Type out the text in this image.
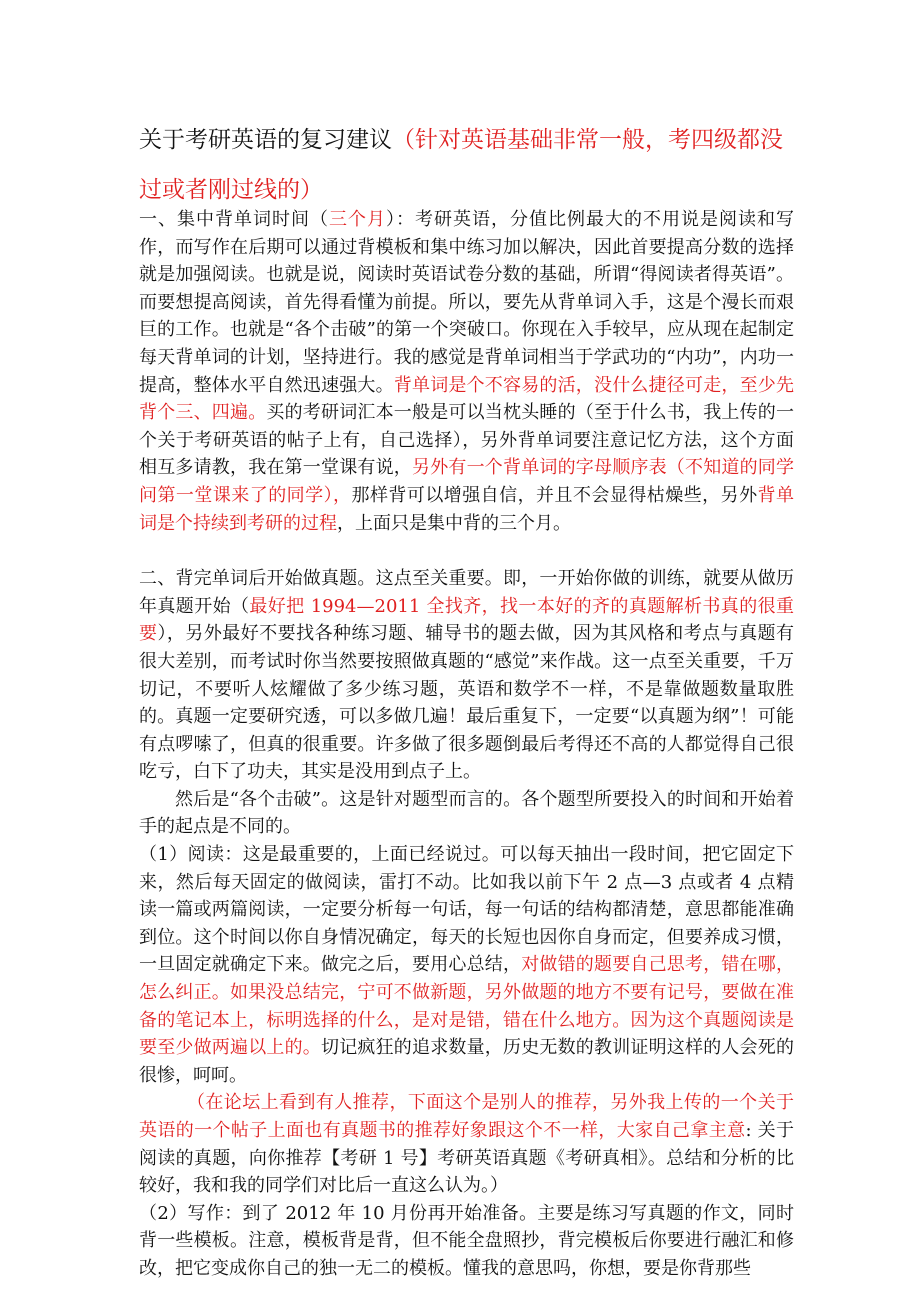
关于考研英语的复习建议（针对英语基础非常一般，考四级都没过或者刚过线的）

一、集中背单词时间（三个月）：考研英语，分值比例最大的不用说是阅读和写作，而写作在后期可以通过背模板和集中练习加以解决，因此首要提高分数的选择就是加强阅读。也就是说，阅读时英语试卷分数的基础，所谓“得阅读者得英语”。而要想提高阅读，首先得看懂为前提。所以，要先从背单词入手，这是个漫长而艰巨的工作。也就是“各个击破”的第一个突破口。你现在入手较早，应从现在起制定每天背单词的计划，坚持进行。我的感觉是背单词相当于学武功的“内功”，内功一提高，整体水平自然迅速强大。背单词是个不容易的活，没什么捷径可走，至少先背个三、四遍。买的考研词汇本一般是可以当枕头睡的（至于什么书，我上传的一个关于考研英语的帖子上有，自己选择），另外背单词要注意记忆方法，这个方面相互多请教，我在第一堂课有说，另外有一个背单词的字母顺序表（不知道的同学问第一堂课来了的同学），那样背可以增强自信，并且不会显得枯燥些，另外背单词是个持续到考研的过程，上面只是集中背的三个月。

二、背完单词后开始做真题。这点至关重要。即，一开始你做的训练，就要从做历年真题开始（最好把 1994—2011 全找齐，找一本好的齐的真题解析书真的很重要），另外最好不要找各种练习题、辅导书的题去做，因为其风格和考点与真题有很大差别，而考试时你当然要按照做真题的“感觉”来作战。这一点至关重要，千万切记，不要听人炫耀做了多少练习题，英语和数学不一样，不是靠做题数量取胜的。真题一定要研究透，可以多做几遍！最后重复下，一定要“以真题为纲”！可能有点啰嗦了，但真的很重要。许多做了很多题倒最后考得还不高的人都觉得自己很吃亏，白下了功夫，其实是没用到点子上。

然后是“各个击破”。这是针对题型而言的。各个题型所要投入的时间和开始着手的起点是不同的。

（1）阅读：这是最重要的，上面已经说过。可以每天抽出一段时间，把它固定下来，然后每天固定的做阅读，雷打不动。比如我以前下午 2 点—3 点或者 4 点精读一篇或两篇阅读，一定要分析每一句话，每一句话的结构都清楚，意思都能准确到位。这个时间以你自身情况确定，每天的长短也因你自身而定，但要养成习惯，一旦固定就确定下来。做完之后，要用心总结，对做错的题要自己思考，错在哪，怎么纠正。如果没总结完，宁可不做新题，另外做题的地方不要有记号，要做在准备的笔记本上，标明选择的什么，是对是错，错在什么地方。因为这个真题阅读是要至少做两遍以上的。切记疯狂的追求数量，历史无数的教训证明这样的人会死的很惨，呵呵。

（在论坛上看到有人推荐，下面这个是别人的推荐，另外我上传的一个关于英语的一个帖子上面也有真题书的推荐好象跟这个不一样，大家自己拿主意: 关于阅读的真题，向你推荐【考研 1 号】考研英语真题《考研真相》。总结和分析的比较好，我和我的同学们对比后一直这么认为。）

（2）写作：到了 2012 年 10 月份再开始准备。主要是练习写真题的作文，同时背一些模板。注意，模板背是背，但不能全盘照抄，背完模板后你要进行融汇和修改，把它变成你自己的独一无二的模板。懂我的意思吗，你想，要是你背那些
